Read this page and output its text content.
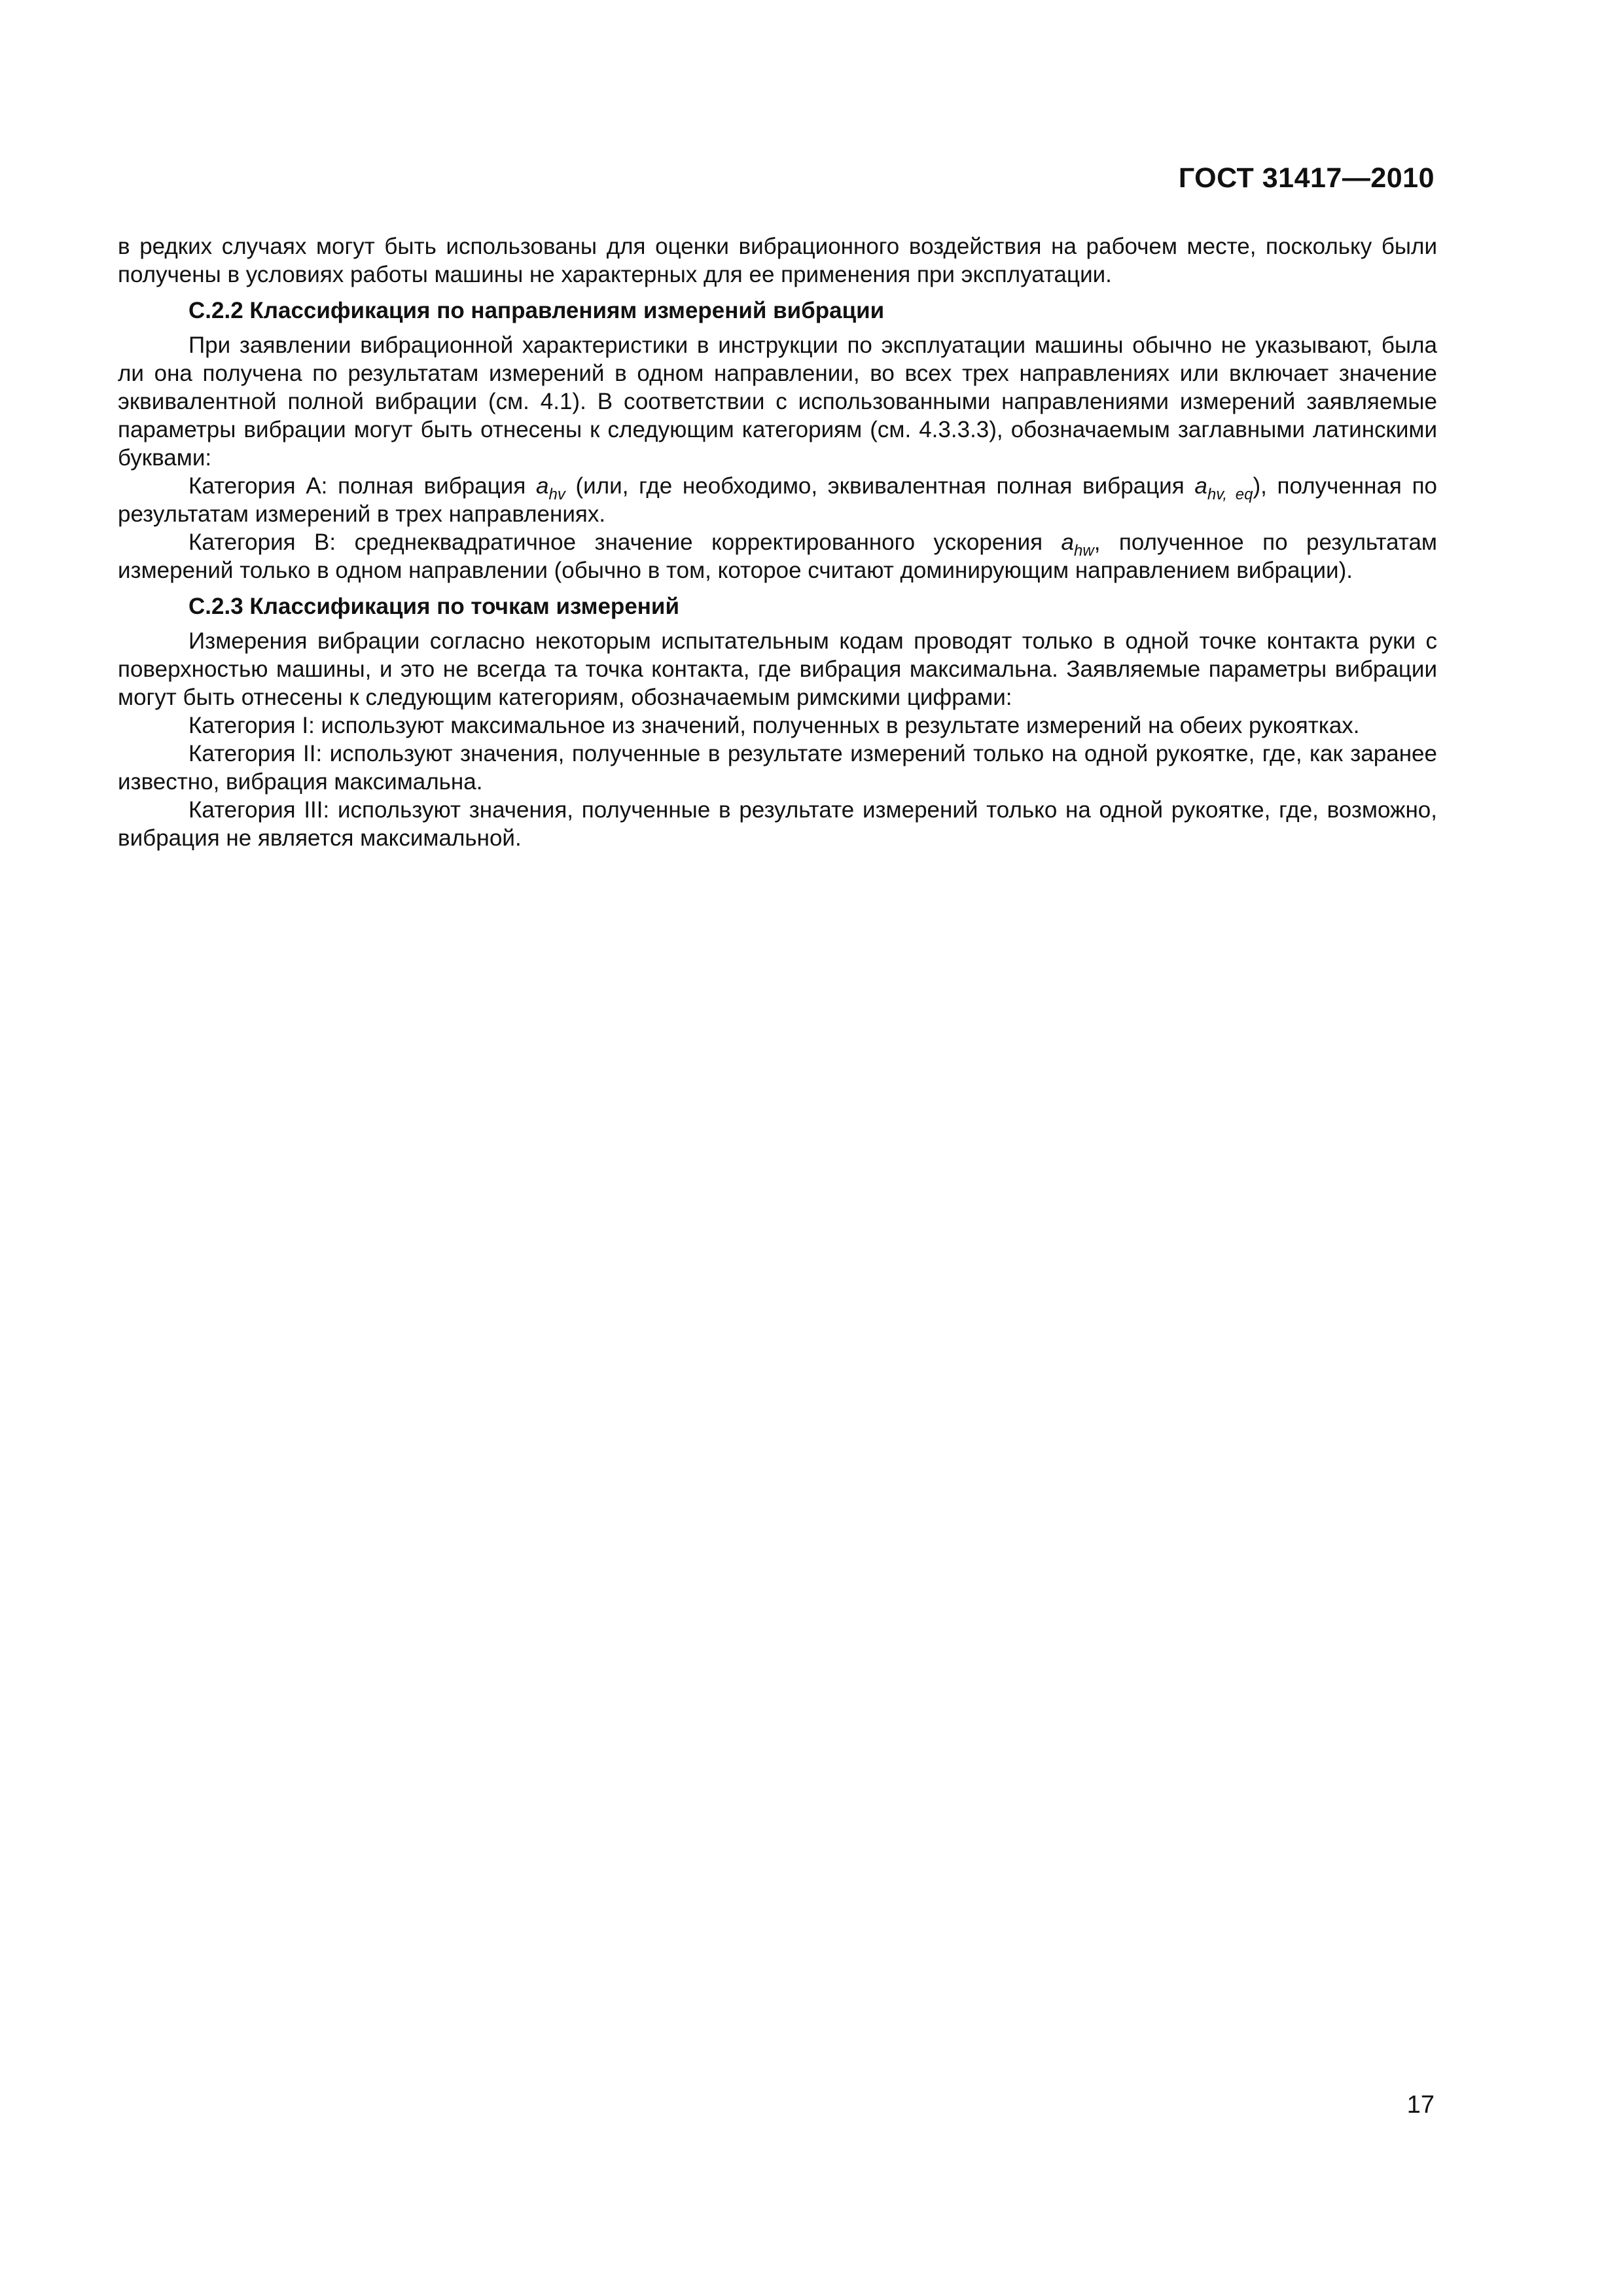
ГОСТ 31417—2010

в редких случаях могут быть использованы для оценки вибрационного воздействия на рабочем месте, поскольку были получены в условиях работы машины не характерных для ее применения при эксплуатации.

С.2.2 Классификация по направлениям измерений вибрации

При заявлении вибрационной характеристики в инструкции по эксплуатации машины обычно не указывают, была ли она получена по результатам измерений в одном направлении, во всех трех направлениях или включает значение эквивалентной полной вибрации (см. 4.1). В соответствии с использованными направлениями измерений заявляемые параметры вибрации могут быть отнесены к следующим категориям (см. 4.3.3.3), обозначаемым заглавными латинскими буквами:

Категория А: полная вибрация $a_{hv}$ (или, где необходимо, эквивалентная полная вибрация $a_{hv, eq}$), полученная по результатам измерений в трех направлениях.

Категория В: среднеквадратичное значение корректированного ускорения $a_{hw}$, полученное по результатам измерений только в одном направлении (обычно в том, которое считают доминирующим направлением вибрации).

С.2.3 Классификация по точкам измерений

Измерения вибрации согласно некоторым испытательным кодам проводят только в одной точке контакта руки с поверхностью машины, и это не всегда та точка контакта, где вибрация максимальна. Заявляемые параметры вибрации могут быть отнесены к следующим категориям, обозначаемым римскими цифрами:

Категория I: используют максимальное из значений, полученных в результате измерений на обеих рукоятках.

Категория II: используют значения, полученные в результате измерений только на одной рукоятке, где, как заранее известно, вибрация максимальна.

Категория III: используют значения, полученные в результате измерений только на одной рукоятке, где, возможно, вибрация не является максимальной.

17
